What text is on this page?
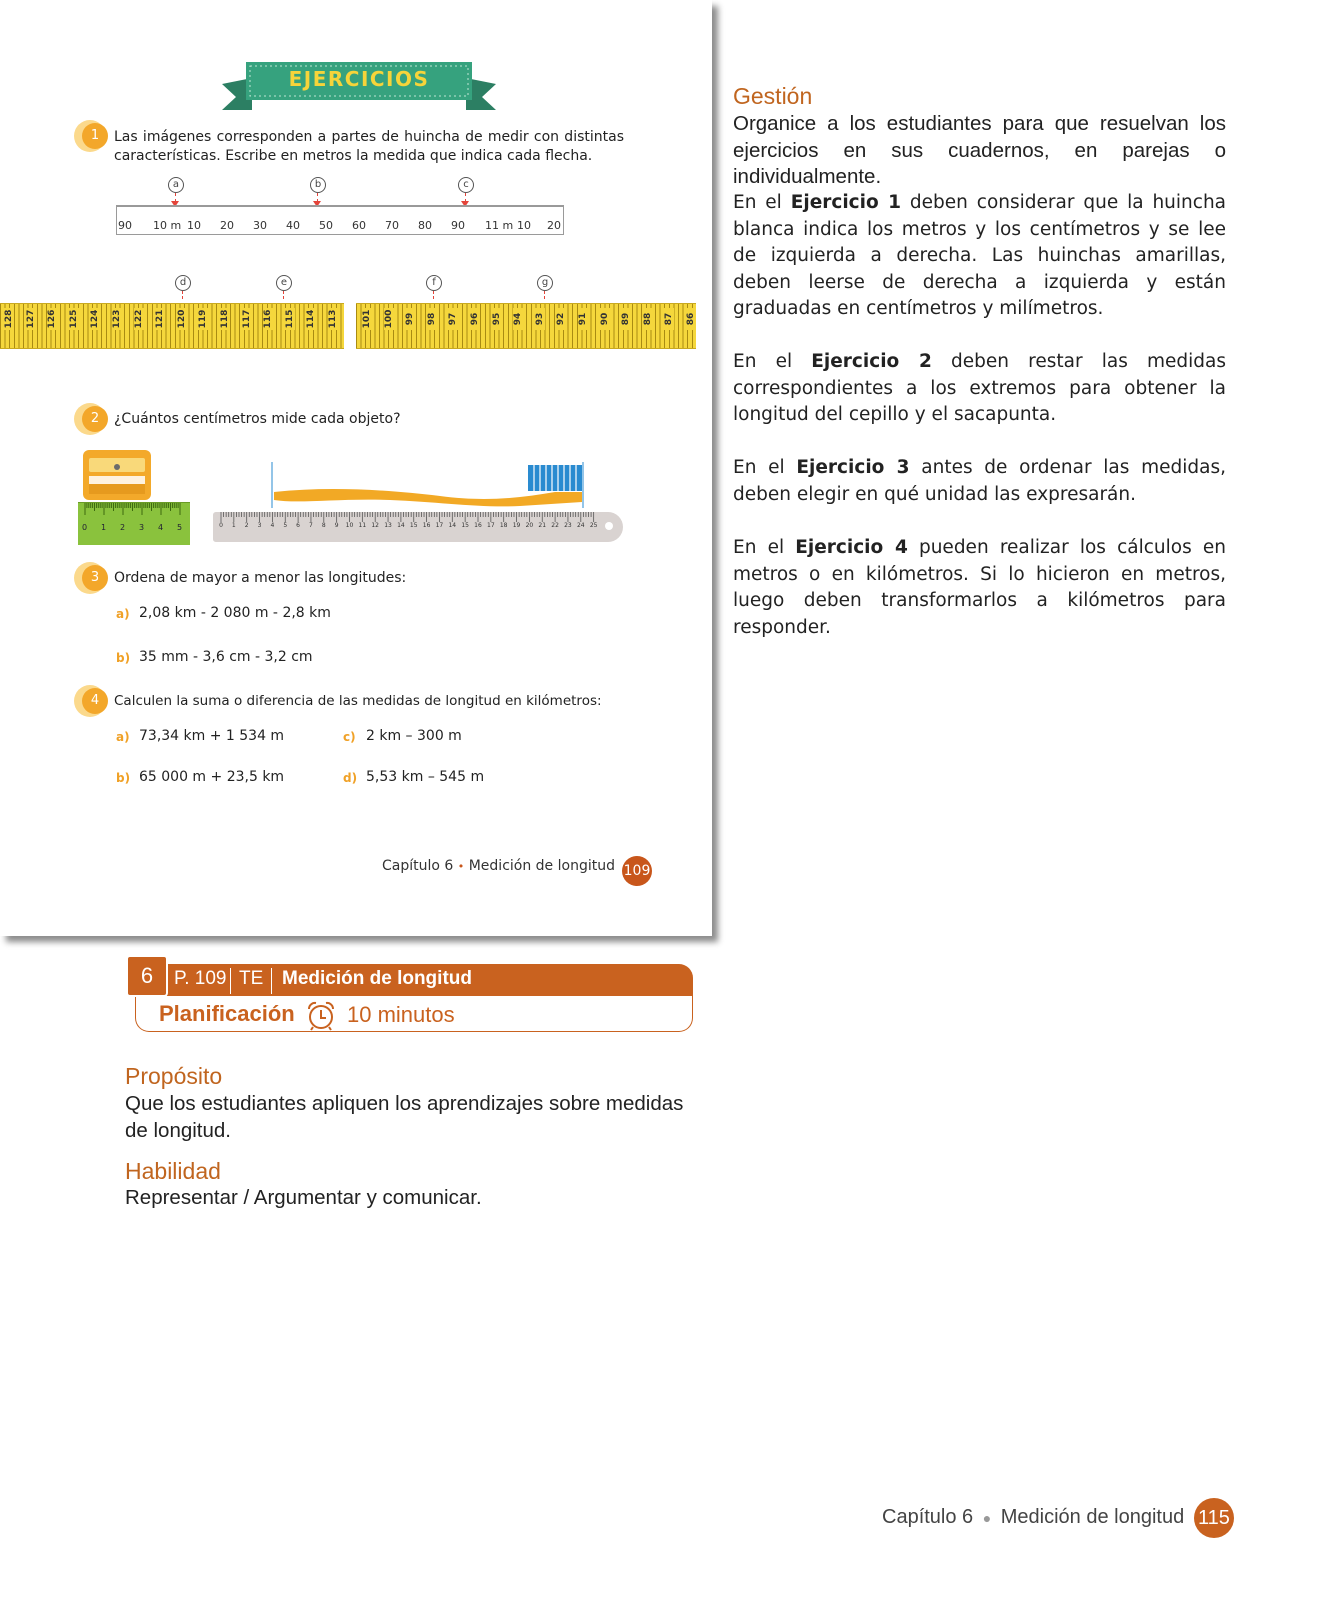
EJERCICIOS
1	Las imágenes corresponden a partes de huincha de medir con distintas características. Escribe en metros la medida que indica cada flecha.
a	b	c
90 10 m 10 20 30 40 50 60 70 80 90 11 m 10 20
d	e	f	g
128 127 126 125 124 123 122 121 120 119 118 117 116 115 114 113	101 100 99 98 97 96 95 94 93 92 91 90 89 88 87 86
2	¿Cuántos centímetros mide cada objeto?
0 1 2 3 4 5	0 1 2 3 4 5 6 7 8 9 10 11 12 13 14 15 16 17 14 15 16 17 18 19 20 21 22 23 24 25
3	Ordena de mayor a menor las longitudes:
a) 2,08 km - 2 080 m - 2,8 km
b) 35 mm - 3,6 cm - 3,2 cm
4	Calculen la suma o diferencia de las medidas de longitud en kilómetros:
a) 73,34 km + 1 534 m
b) 65 000 m + 23,5 km
c) 2 km – 300 m
d) 5,53 km – 545 m
Capítulo 6 • Medición de longitud 109
Gestión
Organice a los estudiantes para que resuelvan los ejercicios en sus cuadernos, en parejas o individualmente.
En el Ejercicio 1 deben considerar que la huincha blanca indica los metros y los centímetros y se lee de izquierda a derecha. Las huinchas amarillas, deben leerse de derecha a izquierda y están graduadas en centímetros y milímetros.
En el Ejercicio 2 deben restar las medidas correspondientes a los extremos para obtener la longitud del cepillo y el sacapunta.
En el Ejercicio 3 antes de ordenar las medidas, deben elegir en qué unidad las expresarán.
En el Ejercicio 4 pueden realizar los cálculos en metros o en kilómetros. Si lo hicieron en metros, luego deben transformarlos a kilómetros para responder.
6	P. 109 TE Medición de longitud
Planificación 10 minutos
Propósito
Que los estudiantes apliquen los aprendizajes sobre medidas de longitud.
Habilidad
Representar / Argumentar y comunicar.
Capítulo 6 ● Medición de longitud 115
